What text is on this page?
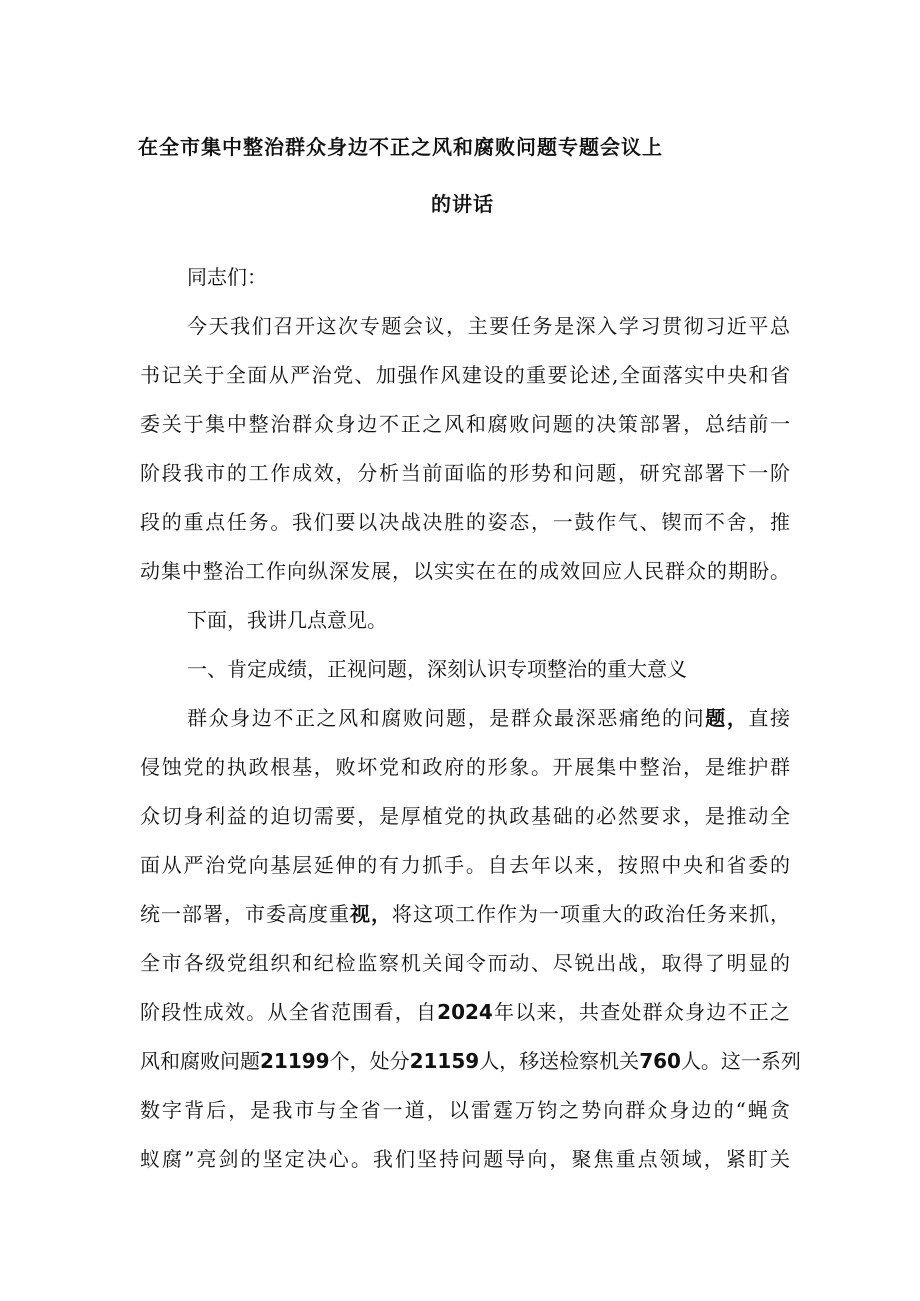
在全市集中整治群众身边不正之风和腐败问题专题会议上
的讲话
同志们：
今天我们召开这次专题会议，主要任务是深入学习贯彻习近平总
书记关于全面从严治党、加强作风建设的重要论述,全面落实中央和省
委关于集中整治群众身边不正之风和腐败问题的决策部署，总结前一
阶段我市的工作成效，分析当前面临的形势和问题，研究部署下一阶
段的重点任务。我们要以决战决胜的姿态，一鼓作气、锲而不舍，推
动集中整治工作向纵深发展，以实实在在的成效回应人民群众的期盼。
下面，我讲几点意见。
一、肯定成绩，正视问题，深刻认识专项整治的重大意义
群众身边不正之风和腐败问题，是群众最深恶痛绝的问题，直接
侵蚀党的执政根基，败坏党和政府的形象。开展集中整治，是维护群
众切身利益的迫切需要，是厚植党的执政基础的必然要求，是推动全
面从严治党向基层延伸的有力抓手。自去年以来，按照中央和省委的
统一部署，市委高度重视，将这项工作作为一项重大的政治任务来抓，
全市各级党组织和纪检监察机关闻令而动、尽锐出战，取得了明显的
阶段性成效。从全省范围看，自2024年以来，共查处群众身边不正之
风和腐败问题21199个，处分21159人，移送检察机关760人。这一系列
数字背后，是我市与全省一道，以雷霆万钧之势向群众身边的“蝇贪
蚁腐”亮剑的坚定决心。我们坚持问题导向，聚焦重点领域，紧盯关
